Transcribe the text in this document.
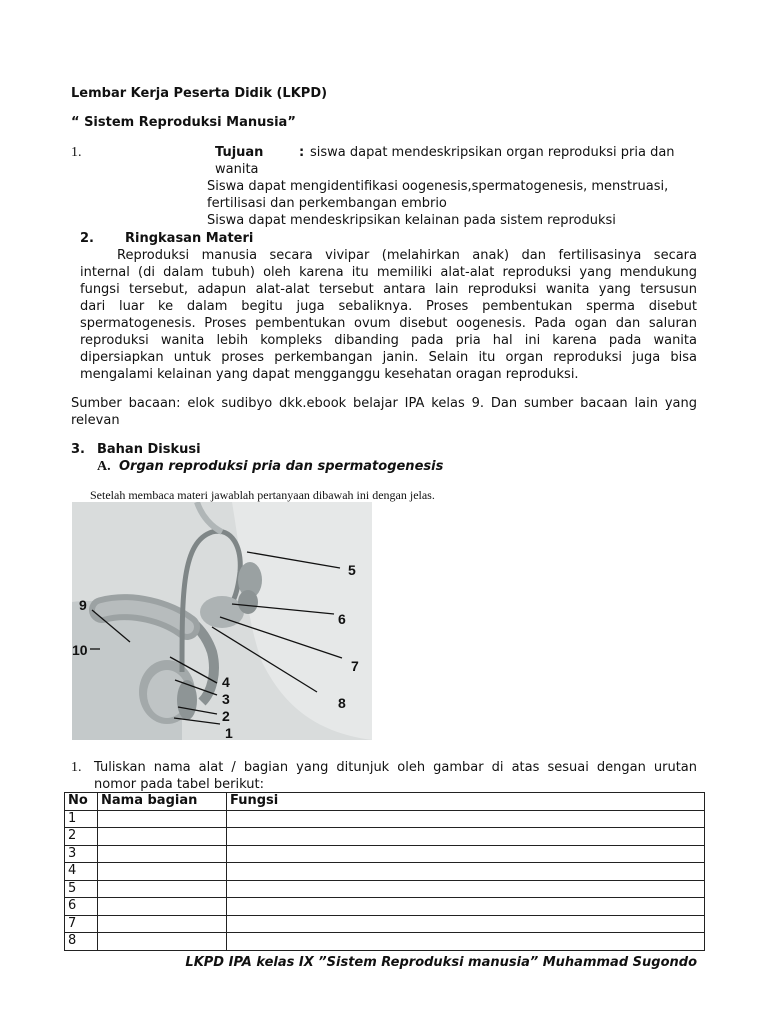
Lembar Kerja Peserta Didik (LKPD)
“ Sistem Reproduksi Manusia”
1.	Tujuan	: siswa dapat mendeskripsikan organ reproduksi pria dan
wanita
Siswa dapat mengidentifikasi oogenesis,spermatogenesis, menstruasi,
fertilisasi dan perkembangan embrio
Siswa dapat mendeskripsikan kelainan pada sistem reproduksi
2. Ringkasan Materi
Reproduksi manusia secara vivipar (melahirkan anak) dan fertilisasinya secara
internal (di dalam tubuh) oleh karena itu memiliki alat-alat reproduksi yang mendukung
fungsi tersebut, adapun alat-alat tersebut antara lain reproduksi wanita yang tersusun
dari luar ke dalam begitu juga sebaliknya. Proses pembentukan sperma disebut
spermatogenesis. Proses pembentukan ovum disebut oogenesis. Pada ogan dan saluran
reproduksi wanita lebih kompleks dibanding pada pria hal ini karena pada wanita
dipersiapkan untuk proses perkembangan janin. Selain itu organ reproduksi juga bisa
mengalami kelainan yang dapat mengganggu kesehatan oragan reproduksi.
Sumber bacaan: elok sudibyo dkk.ebook belajar IPA kelas 9. Dan sumber bacaan lain yang
relevan
3. Bahan Diskusi
A. Organ reproduksi pria dan spermatogenesis
Setelah membaca materi jawablah pertanyaan dibawah ini dengan jelas.
1
2
3
4
5
6
7
8
9
10
1. Tuliskan nama alat / bagian yang ditunjuk oleh gambar di atas sesuai dengan urutan
nomor pada tabel berikut:
No	Nama bagian	Fungsi
1		
2		
3		
4		
5		
6		
7		
8		
LKPD IPA kelas IX ”Sistem Reproduksi manusia” Muhammad Sugondo
